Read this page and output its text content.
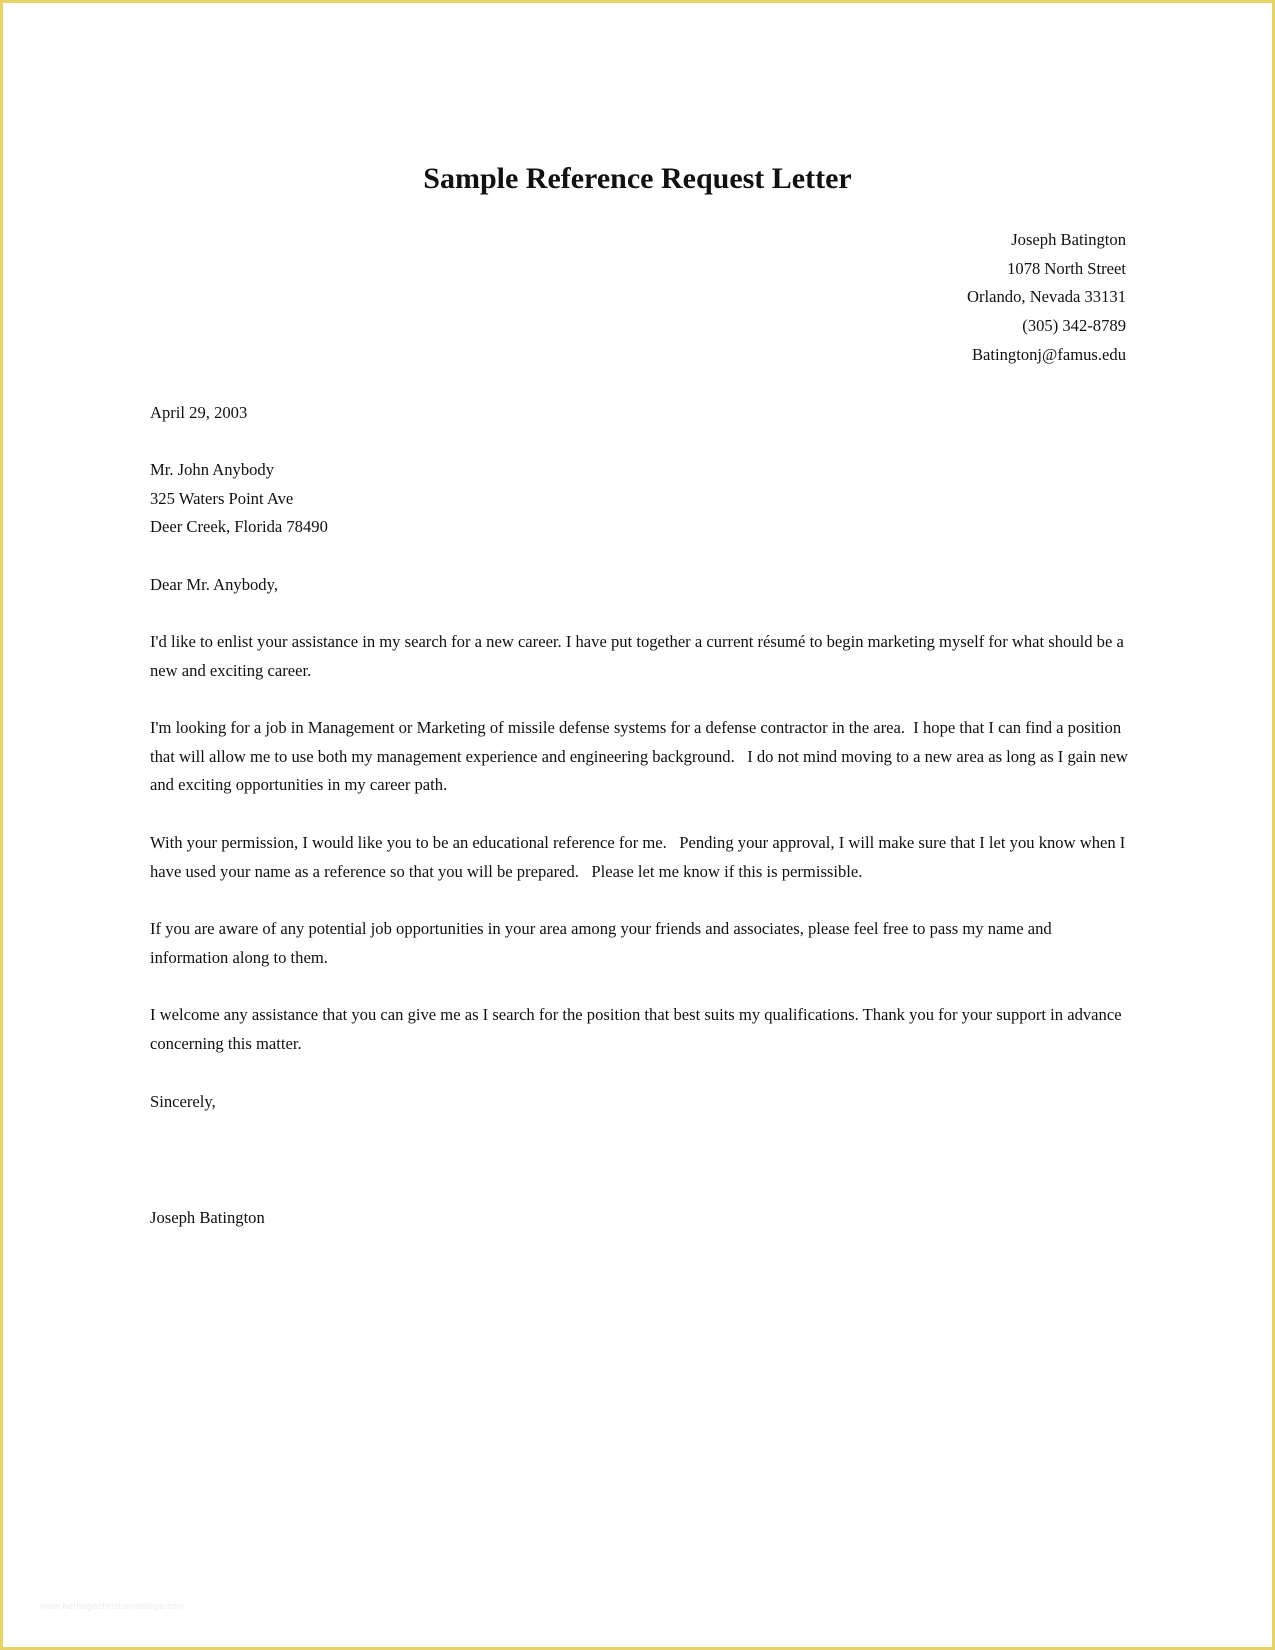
Sample Reference Request Letter
Joseph Batington
1078 North Street
Orlando, Nevada 33131
(305) 342-8789
Batingtonj@famus.edu
April 29, 2003
Mr. John Anybody
325 Waters Point Ave
Deer Creek, Florida 78490
Dear Mr. Anybody,

I'd like to enlist your assistance in my search for a new career. I have put together a current résumé to begin marketing myself for what should be a new and exciting career.

I'm looking for a job in Management or Marketing of missile defense systems for a defense contractor in the area.  I hope that I can find a position that will allow me to use both my management experience and engineering background.   I do not mind moving to a new area as long as I gain new and exciting opportunities in my career path.

With your permission, I would like you to be an educational reference for me.   Pending your approval, I will make sure that I let you know when I have used your name as a reference so that you will be prepared.   Please let me know if this is permissible.

If you are aware of any potential job opportunities in your area among your friends and associates, please feel free to pass my name and information along to them.

I welcome any assistance that you can give me as I search for the position that best suits my qualifications. Thank you for your support in advance concerning this matter.

Sincerely,
Joseph Batington
www.heritagechristiancollege.com
